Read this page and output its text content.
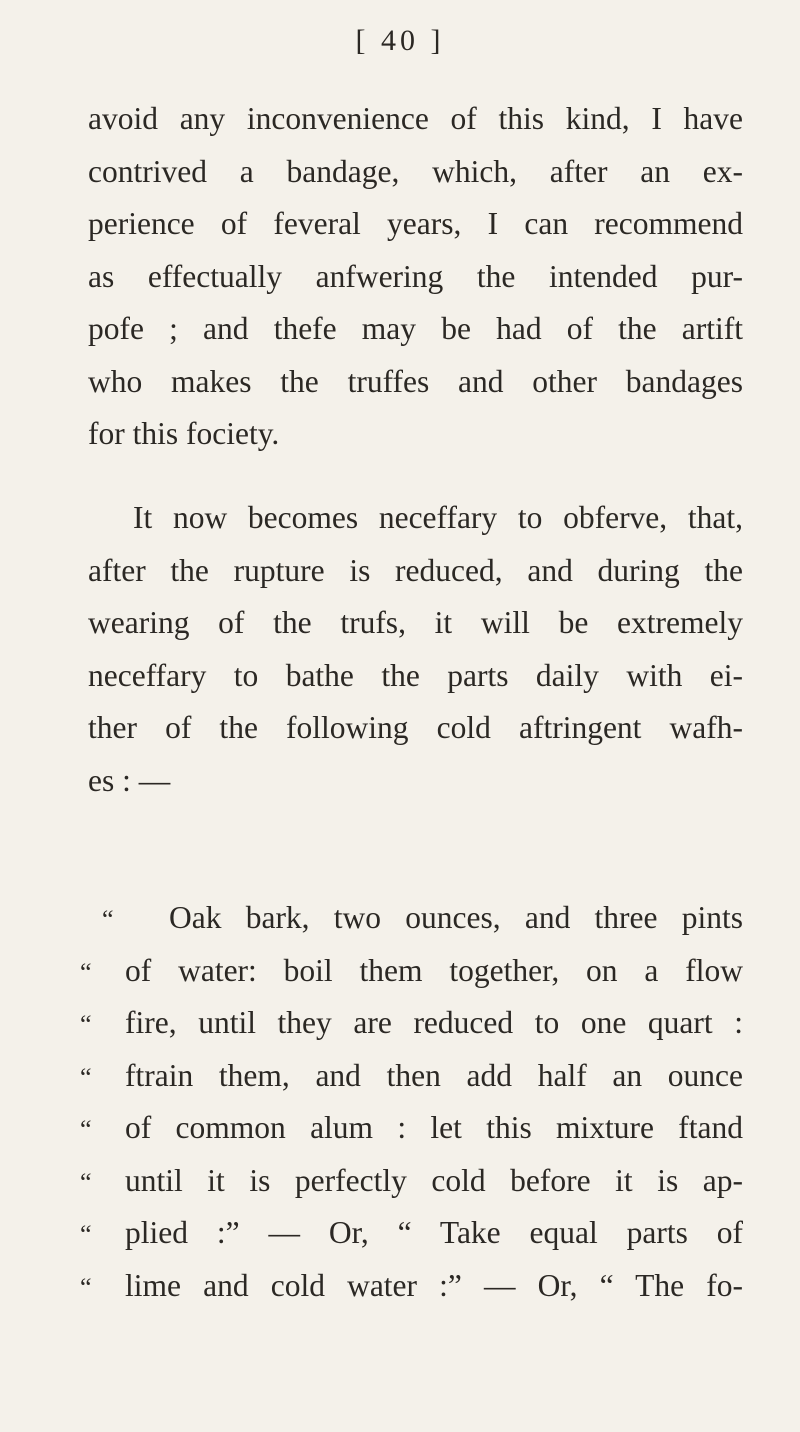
[ 40 ]
avoid any inconvenience of this kind, I have
contrived a bandage, which, after an ex-
perience of feveral years, I can recommend
as effectually anfwering the intended pur-
pofe ; and thefe may be had of the artift
who makes the truffes and other bandages
for this fociety.
It now becomes neceffary to obferve, that,
after the rupture is reduced, and during the
wearing of the trufs, it will be extremely
neceffary to bathe the parts daily with ei-
ther of the following cold aftringent wafh-
es : —
“	Oak bark, two ounces, and three pints
“	of water: boil them together, on a flow
“	fire, until they are reduced to one quart :
“	ftrain them, and then add half an ounce
“	of common alum : let this mixture ftand
“	until it is perfectly cold before it is ap-
“	plied :” — Or, “ Take equal parts of
“	lime and cold water :” — Or, “ The fo-
